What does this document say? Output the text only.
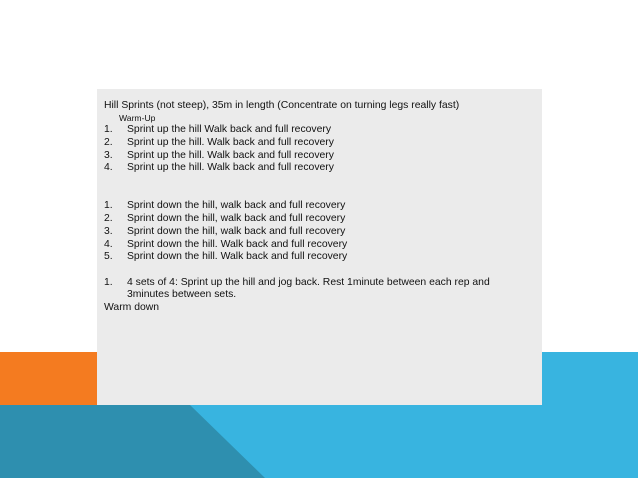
Hill Sprints (not steep), 35m in length (Concentrate on turning legs really fast)
Warm-Up
1. Sprint up the hill Walk back and full recovery
2. Sprint up the hill. Walk back and full recovery
3. Sprint up the hill. Walk back and full recovery
4. Sprint up the hill. Walk back and full recovery
1. Sprint down the hill, walk back and full recovery
2. Sprint down the hill, walk back and full recovery
3. Sprint down the hill, walk back and full recovery
4. Sprint down the hill. Walk back and full recovery
5. Sprint down the hill. Walk back and full recovery
1. 4 sets of 4: Sprint up the hill and jog back. Rest 1minute between each rep and 3minutes between sets.
Warm down
